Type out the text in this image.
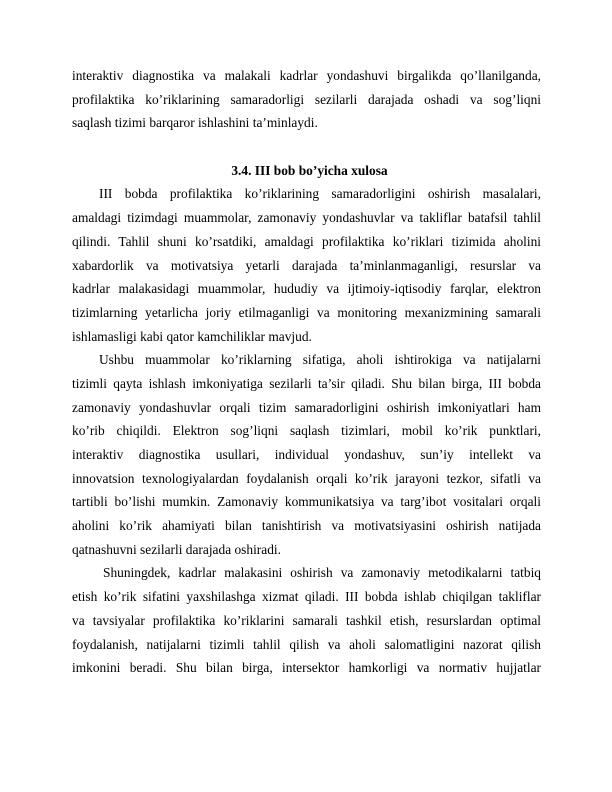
interaktiv diagnostika va malakali kadrlar yondashuvi birgalikda qo’llanilganda,
profilaktika ko’riklarining samaradorligi sezilarli darajada oshadi va sog’liqni
saqlash tizimi barqaror ishlashini ta’minlaydi.
3.4. III bob bo’yicha xulosa
III bobda profilaktika ko’riklarining samaradorligini oshirish masalalari,
amaldagi tizimdagi muammolar, zamonaviy yondashuvlar va takliflar batafsil tahlil
qilindi. Tahlil shuni ko’rsatdiki, amaldagi profilaktika ko’riklari tizimida aholini
xabardorlik va motivatsiya yetarli darajada ta’minlanmaganligi, resurslar va
kadrlar malakasidagi muammolar, hududiy va ijtimoiy-iqtisodiy farqlar, elektron
tizimlarning yetarlicha joriy etilmaganligi va monitoring mexanizmining samarali
ishlamasligi kabi qator kamchiliklar mavjud.
Ushbu muammolar ko’riklarning sifatiga, aholi ishtirokiga va natijalarni
tizimli qayta ishlash imkoniyatiga sezilarli ta’sir qiladi. Shu bilan birga, III bobda
zamonaviy yondashuvlar orqali tizim samaradorligini oshirish imkoniyatlari ham
ko’rib chiqildi. Elektron sog’liqni saqlash tizimlari, mobil ko’rik punktlari,
interaktiv diagnostika usullari, individual yondashuv, sun’iy intellekt va
innovatsion texnologiyalardan foydalanish orqali ko’rik jarayoni tezkor, sifatli va
tartibli bo’lishi mumkin. Zamonaviy kommunikatsiya va targ’ibot vositalari orqali
aholini ko’rik ahamiyati bilan tanishtirish va motivatsiyasini oshirish natijada
qatnashuvni sezilarli darajada oshiradi.
Shuningdek, kadrlar malakasini oshirish va zamonaviy metodikalarni tatbiq
etish ko’rik sifatini yaxshilashga xizmat qiladi. III bobda ishlab chiqilgan takliflar
va tavsiyalar profilaktika ko’riklarini samarali tashkil etish, resurslardan optimal
foydalanish, natijalarni tizimli tahlil qilish va aholi salomatligini nazorat qilish
imkonini beradi. Shu bilan birga, intersektor hamkorligi va normativ hujjatlar
